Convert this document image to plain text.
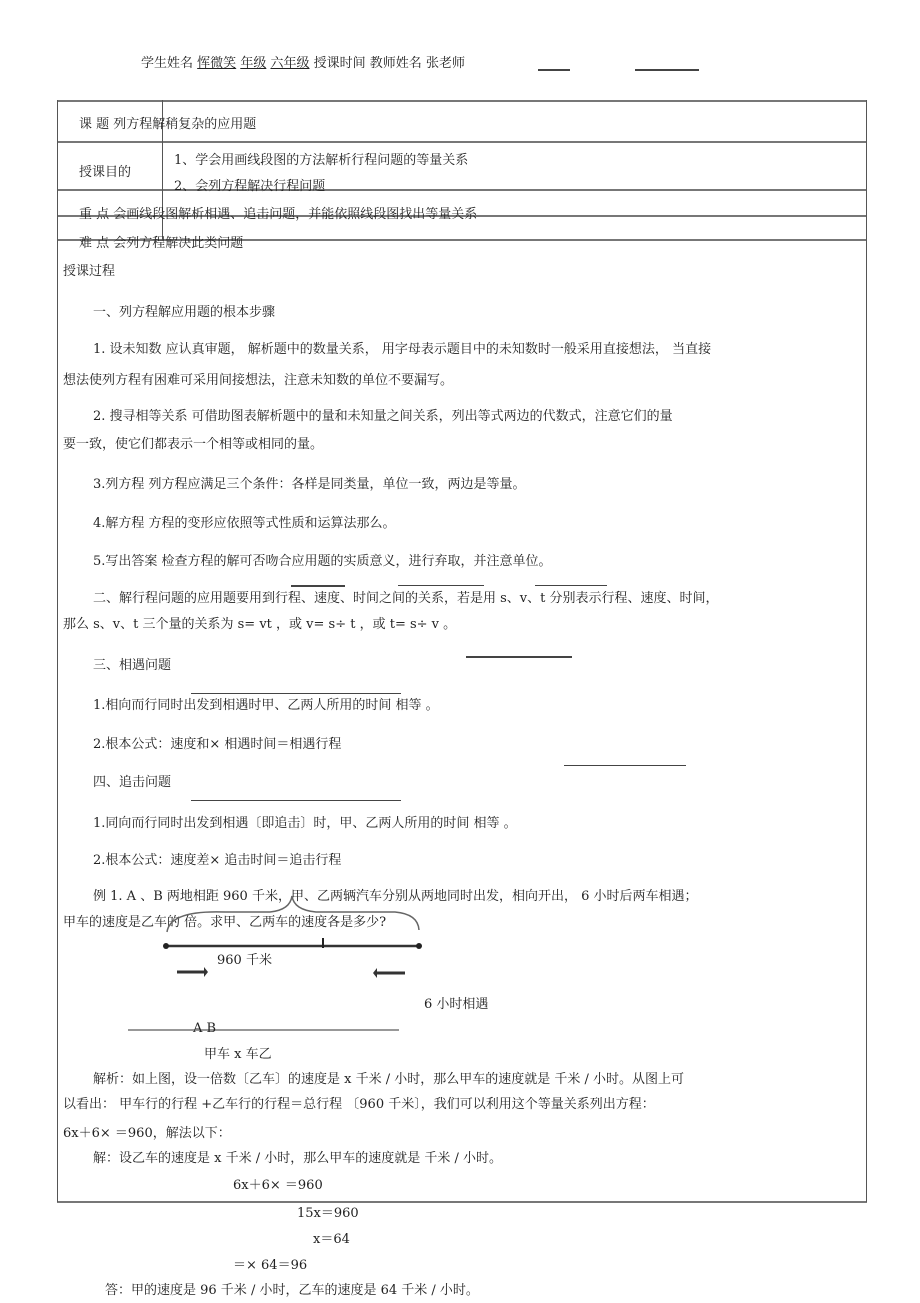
学生姓名 恽微笑 年级 六年级 授课时间 教师姓名 张老师
课 题 列方程解稍复杂的应用题
授课目的
1、学会用画线段图的方法解析行程问题的等量关系
2、会列方程解决行程问题
重 点 会画线段图解析相遇、追击问题，并能依照线段图找出等量关系
难 点 会列方程解决此类问题
授课过程
一、列方程解应用题的根本步骤
1. 设未知数 应认真审题， 解析题中的数量关系， 用字母表示题目中的未知数时一般采用直接想法， 当直接
想法使列方程有困难可采用间接想法，注意未知数的单位不要漏写。
2. 搜寻相等关系 可借助图表解析题中的量和未知量之间关系，列出等式两边的代数式，注意它们的量
要一致，使它们都表示一个相等或相同的量。
3.列方程 列方程应满足三个条件：各样是同类量，单位一致，两边是等量。
4.解方程 方程的变形应依照等式性质和运算法那么。
5.写出答案 检查方程的解可否吻合应用题的实质意义，进行弃取，并注意单位。
二、解行程问题的应用题要用到行程、速度、时间之间的关系，若是用 s、v、t 分别表示行程、速度、时间，
那么 s、v、t 三个量的关系为 s= vt ，或 v= s÷ t ，或 t= s÷ v 。
三、相遇问题
1.相向而行同时出发到相遇时甲、乙两人所用的时间 相等 。
2.根本公式：速度和× 相遇时间＝相遇行程
四、追击问题
1.同向而行同时出发到相遇〔即追击〕时，甲、乙两人所用的时间 相等 。
2.根本公式：速度差× 追击时间＝追击行程
例 1. A 、B 两地相距 960 千米，甲、乙两辆汽车分别从两地同时出发，相向开出， 6 小时后两车相遇；
甲车的速度是乙车的 倍。求甲、乙两车的速度各是多少?
960 千米
6 小时相遇
A B
甲车 x 车乙
解析：如上图，设一倍数〔乙车〕的速度是 x 千米 / 小时，那么甲车的速度就是 千米 / 小时。从图上可
以看出： 甲车行的行程 +乙车行的行程＝总行程 〔960 千米〕，我们可以利用这个等量关系列出方程：
6x＋6× ＝960，解法以下：
解：设乙车的速度是 x 千米 / 小时，那么甲车的速度就是 千米 / 小时。
6x＋6× ＝960
15x＝960
x＝64
＝× 64＝96
答：甲的速度是 96 千米 / 小时，乙车的速度是 64 千米 / 小时。
